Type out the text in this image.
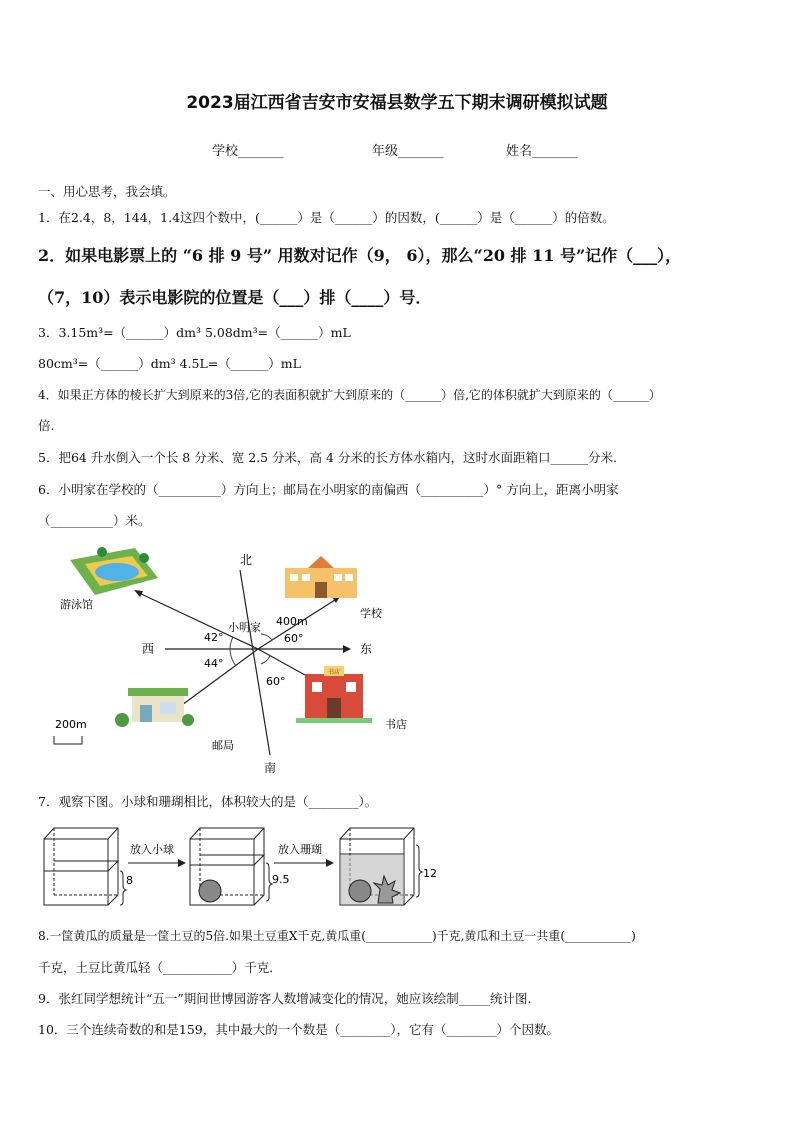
2023届江西省吉安市安福县数学五下期末调研模拟试题
学校_______	年级_______	姓名_______
一、用心思考，我会填。
1．在2.4，8，144，1.4这四个数中，(______）是（______）的因数，(______）是（______）的倍数。
2．如果电影票上的 “6 排 9 号” 用数对记作（9， 6），那么“20 排 11 号”记作（___），
（7，10）表示电影院的位置是（___）排（____）号．
3．3.15m³=（______）dm³ 5.08dm³=（______）mL
80cm³=（______）dm³ 4.5L=（______）mL
4．如果正方体的棱长扩大到原来的3倍,它的表面积就扩大到原来的（______）倍,它的体积就扩大到原来的（______）
倍.
5．把64 升水倒入一个长 8 分米、宽 2.5 分米，高 4 分米的长方体水箱内，这时水面距箱口______分米.
6．小明家在学校的（__________）方向上；邮局在小明家的南偏西（__________）° 方向上，距离小明家
（__________）米。
北
南
东
西
小明家
42°
44°
60°
60°
400m
游泳馆
学校
邮局
书店
书店
200m
7．观察下图。小球和珊瑚相比，体积较大的是（________）。
8
放入小球
9.5
放入珊瑚
12
8.一筐黄瓜的质量是一筐土豆的5倍.如果土豆重X千克,黄瓜重(___________)千克,黄瓜和土豆一共重(___________)
千克，土豆比黄瓜轻（___________）千克．
9．张红同学想统计“五一”期间世博园游客人数增减变化的情况，她应该绘制_____统计图.
10．三个连续奇数的和是159，其中最大的一个数是（________），它有（________）个因数。
